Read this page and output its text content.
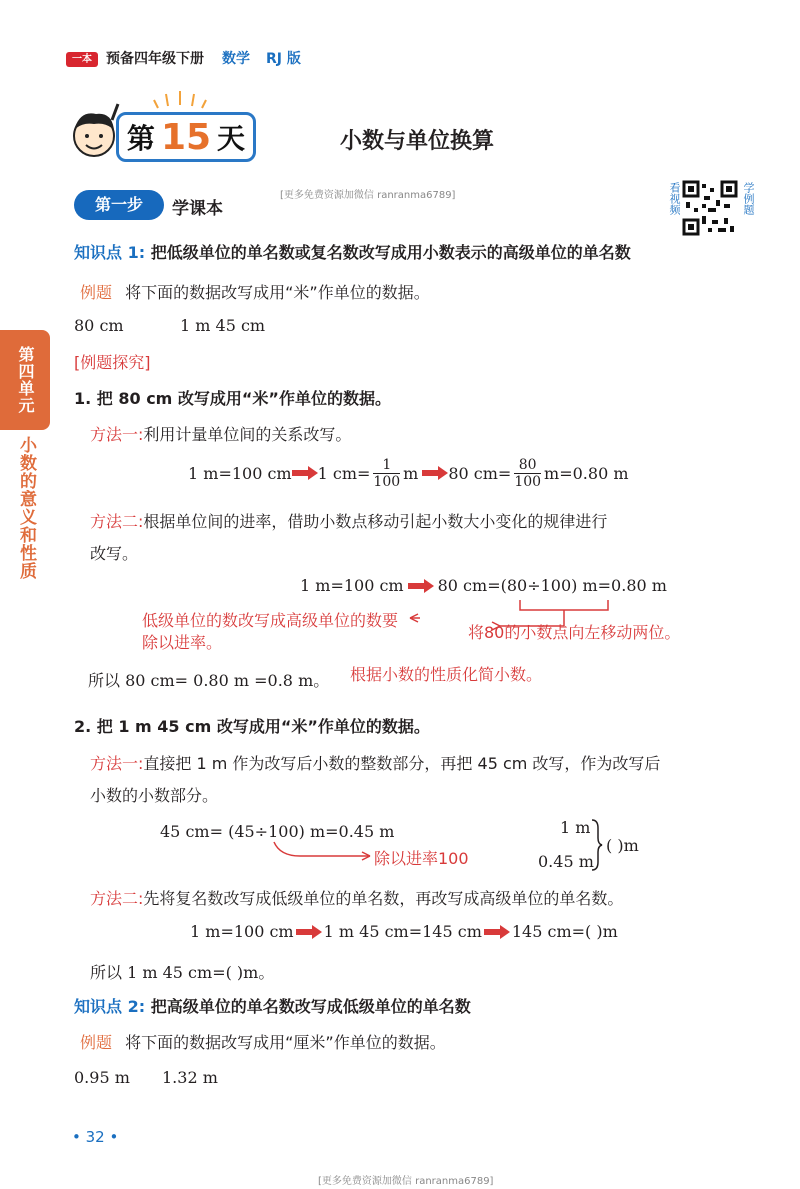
一本	预备四年级下册 数学 RJ 版
第 15 天	小数与单位换算
第一步	学课本
[更多免费资源加微信 ranranma6789]	看视频	学例题
第四单元
小数的意义和性质
知识点 1: 把低级单位的单名数或复名数改写成用小数表示的高级单位的单名数
例题 将下面的数据改写成用“米”作单位的数据。
80 cm	1 m 45 cm
[例题探究]
1. 把 80 cm 改写成用“米”作单位的数据。
方法一:利用计量单位间的关系改写。
1 m=100 cm 1 $cm= \frac{1}{100}$ m 80 $cm= \frac{80}{100} m=0.80$ m
方法二:根据单位间的进率，借助小数点移动引起小数大小变化的规律进行
改写。
1 m=100 cm 80 cm=(80÷100) m=0.80 m
低级单位的数改写成高级单位的数要
除以进率。
将80的小数点向左移动两位。
所以 80 cm= 0.80 m =0.8 m。 根据小数的性质化简小数。
2. 把 1 m 45 cm 改写成用“米”作单位的数据。
方法一:直接把 1 m 作为改写后小数的整数部分，再把 45 cm 改写，作为改写后
小数的小数部分。
45 cm= (45÷100) m=0.45 m
除以进率100
1 m
0.45 m
( )m
方法二:先将复名数改写成低级单位的单名数，再改写成高级单位的单名数。
1 m=100 cm 1 m 45 cm=145 cm 145 cm=( )m
所以 1 m 45 cm=( )m。
知识点 2: 把高级单位的单名数改写成低级单位的单名数
例题 将下面的数据改写成用“厘米”作单位的数据。
0.95 m 1.32 m
• 32 •
[更多免费资源加微信 ranranma6789]
